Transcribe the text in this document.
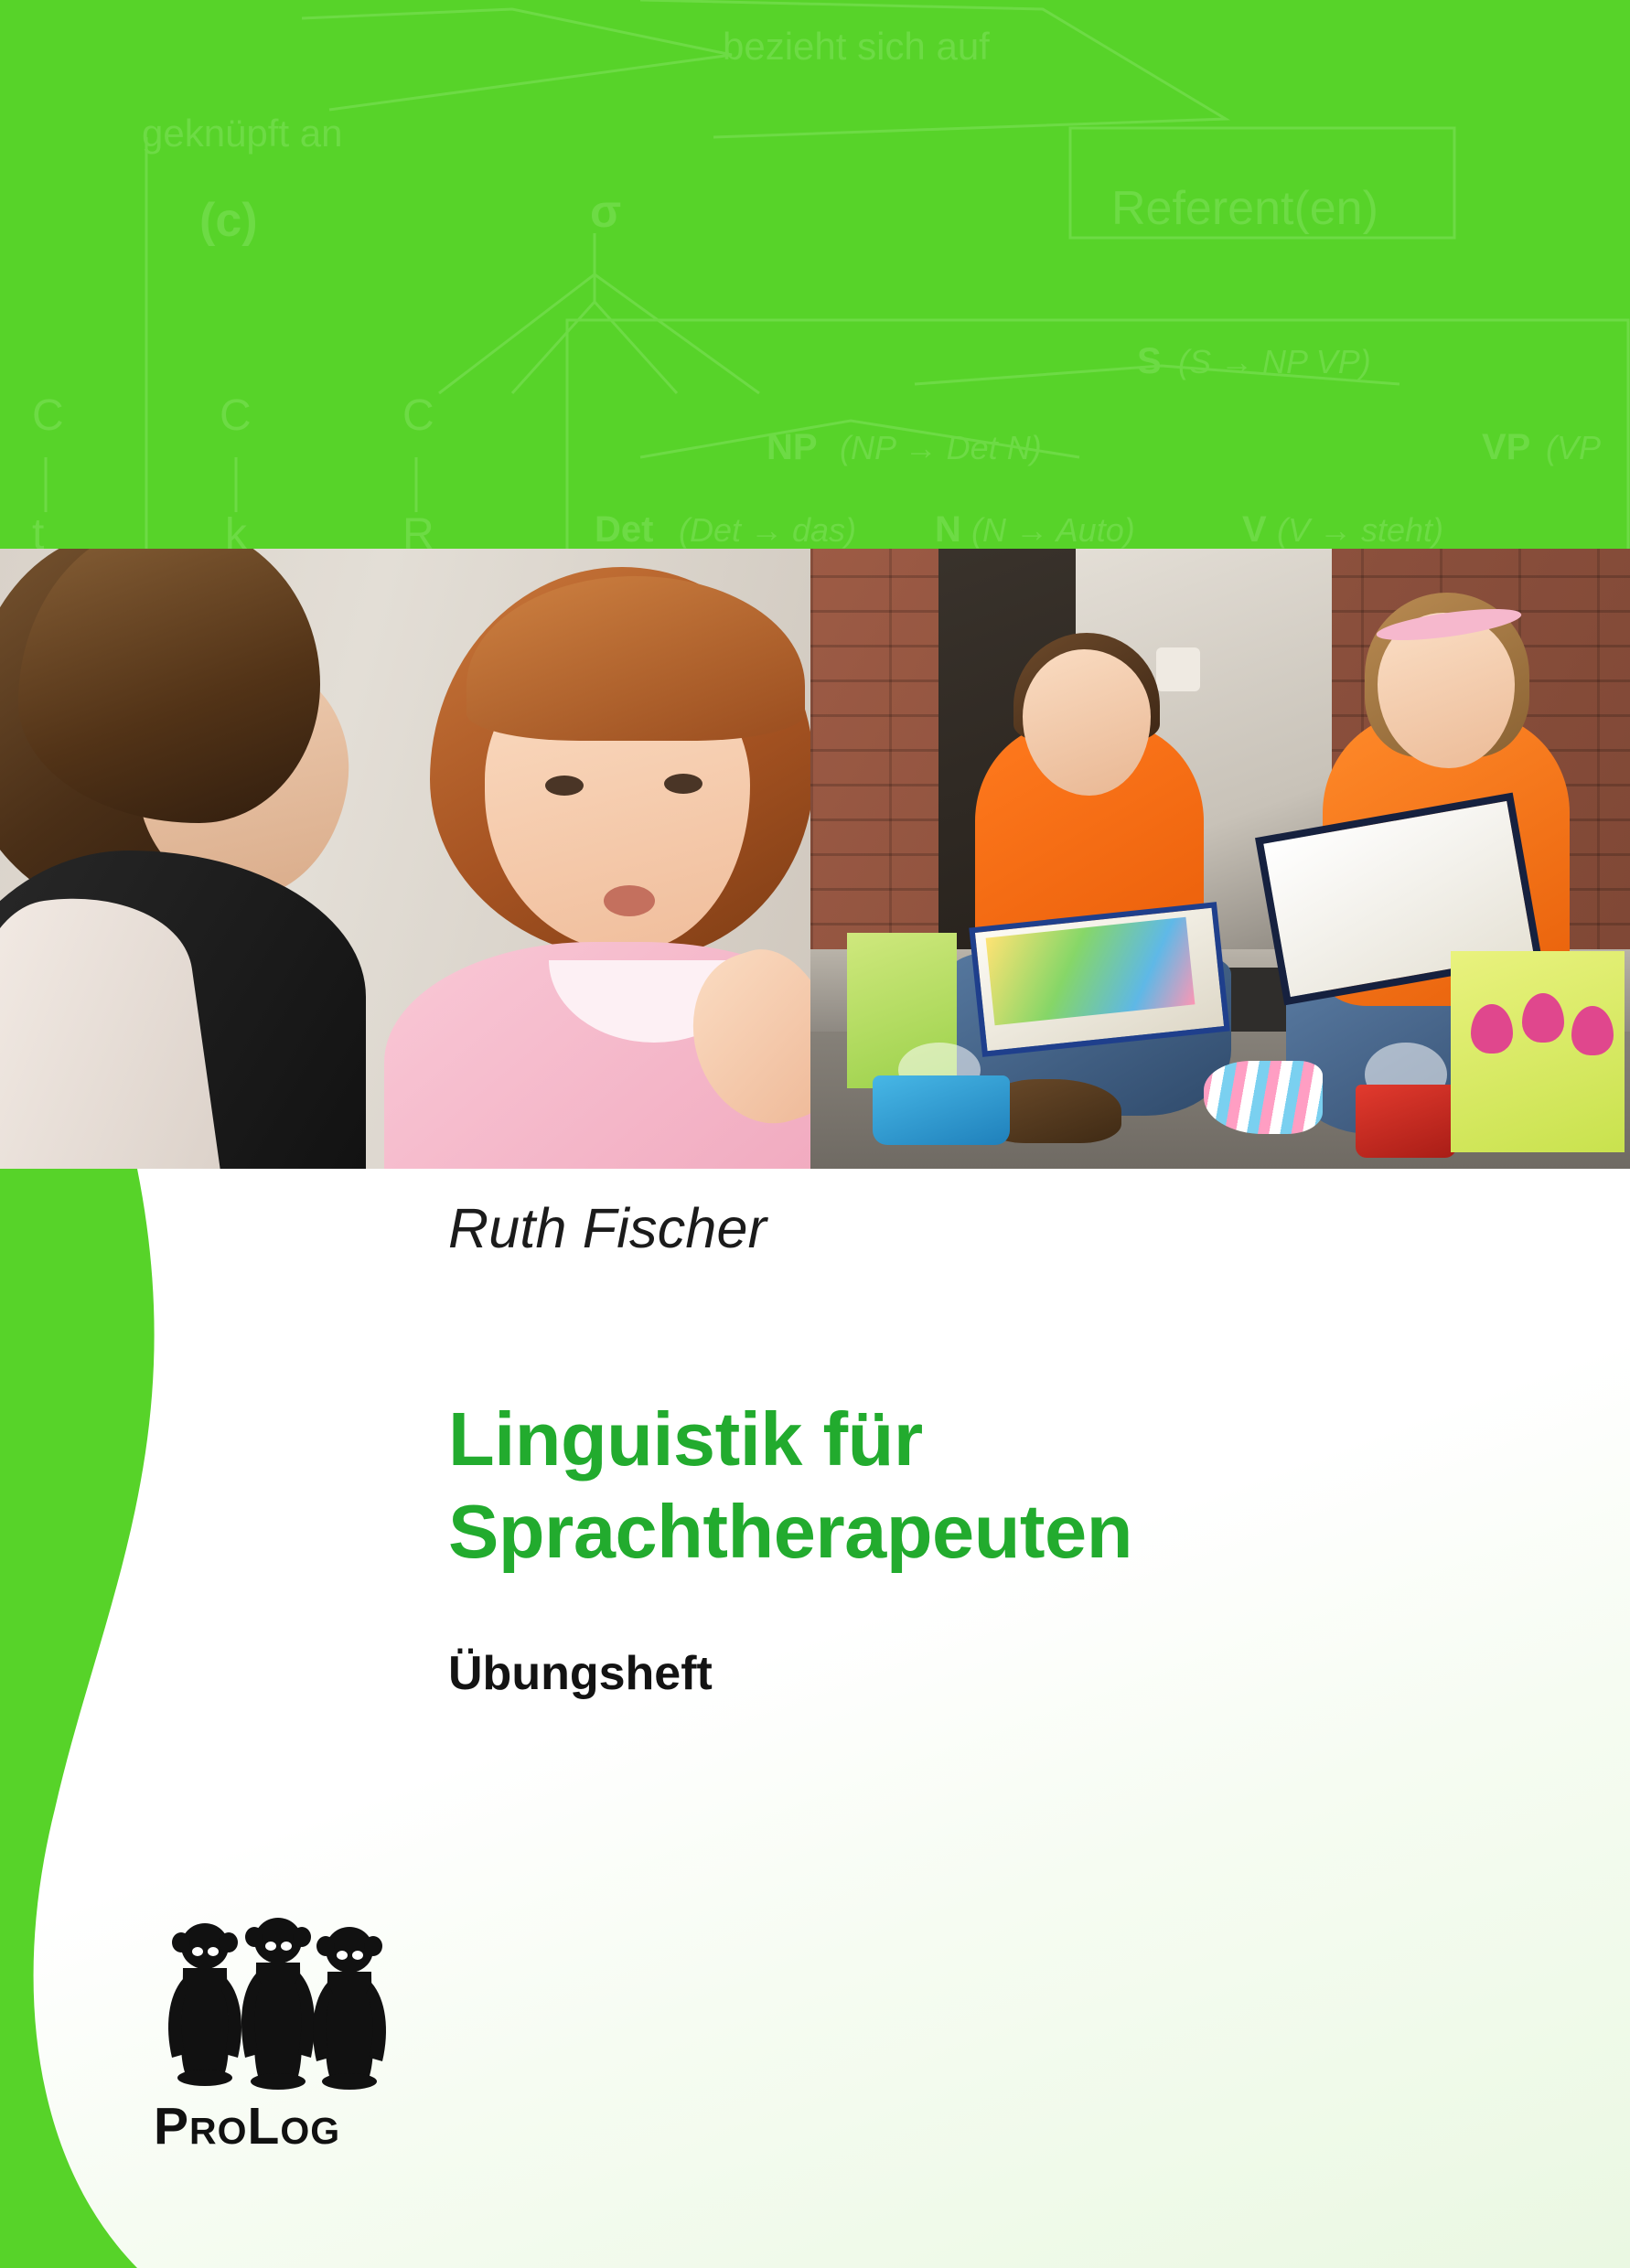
geknüpft an
bezieht sich auf
(c)	σ	Referent(en)
C	C	C
t	k	R
S (S → NP VP)
NP (NP → Det N)	VP (VP
Det (Det → das) N (N → Auto)	V (V → steht)
Ruth Fischer
Linguistik für
Sprachtherapeuten
Übungsheft
PROLOG
